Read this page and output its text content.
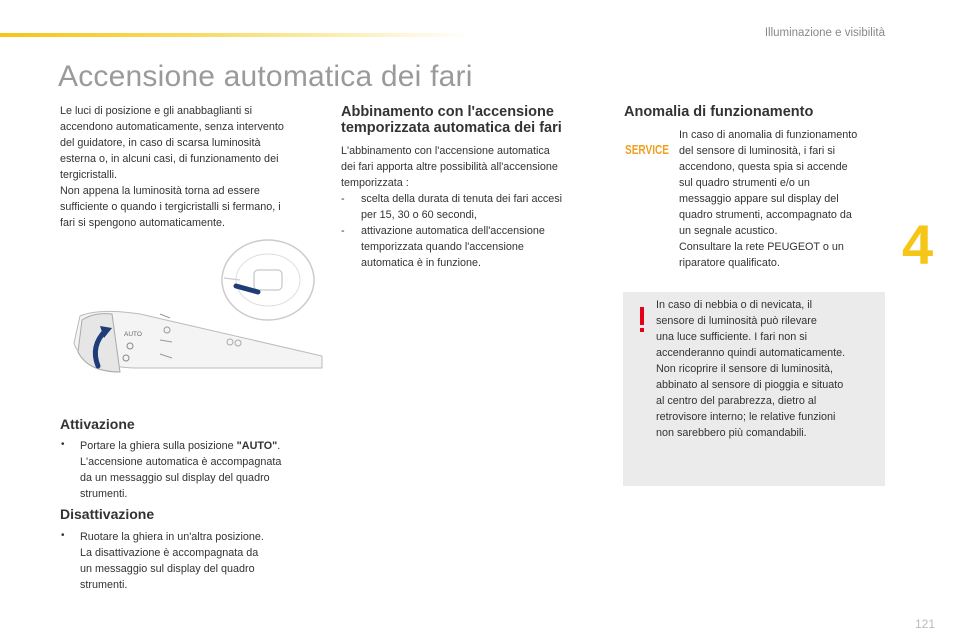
Illuminazione e visibilità
Accensione automatica dei fari

Le luci di posizione e gli anabbaglianti si

accendono automaticamente, senza intervento

del guidatore, in caso di scarsa luminosità

esterna o, in alcuni casi, di funzionamento dei

tergicristalli.

Non appena la luminosità torna ad essere

sufficiente o quando i tergicristalli si fermano, i

fari si spengono automaticamente.

AUTO
Attivazione
• Portare la ghiera sulla posizione "AUTO".

L'accensione automatica è accompagnata

da un messaggio sul display del quadro

strumenti.

Disattivazione
• Ruotare la ghiera in un'altra posizione.

La disattivazione è accompagnata da

un messaggio sul display del quadro

strumenti.

Abbinamento con l'accensione

temporizzata automatica dei fari

L'abbinamento con l'accensione automatica

dei fari apporta altre possibilità all'accensione

temporizzata :

- scelta della durata di tenuta dei fari accesi

per 15, 30 o 60 secondi,

- attivazione automatica dell'accensione

temporizzata quando l'accensione

automatica è in funzione.

Anomalia di funzionamento
SERVICE

In caso di anomalia di funzionamento

del sensore di luminosità, i fari si

accendono, questa spia si accende

sul quadro strumenti e/o un

messaggio appare sul display del

quadro strumenti, accompagnato da

un segnale acustico.

Consultare la rete PEUGEOT o un

riparatore qualificato.

In caso di nebbia o di nevicata, il

sensore di luminosità può rilevare

una luce sufficiente. I fari non si

accenderanno quindi automaticamente.

Non ricoprire il sensore di luminosità,

abbinato al sensore di pioggia e situato

al centro del parabrezza, dietro al

retrovisore interno; le relative funzioni

non sarebbero più comandabili.

4
121
